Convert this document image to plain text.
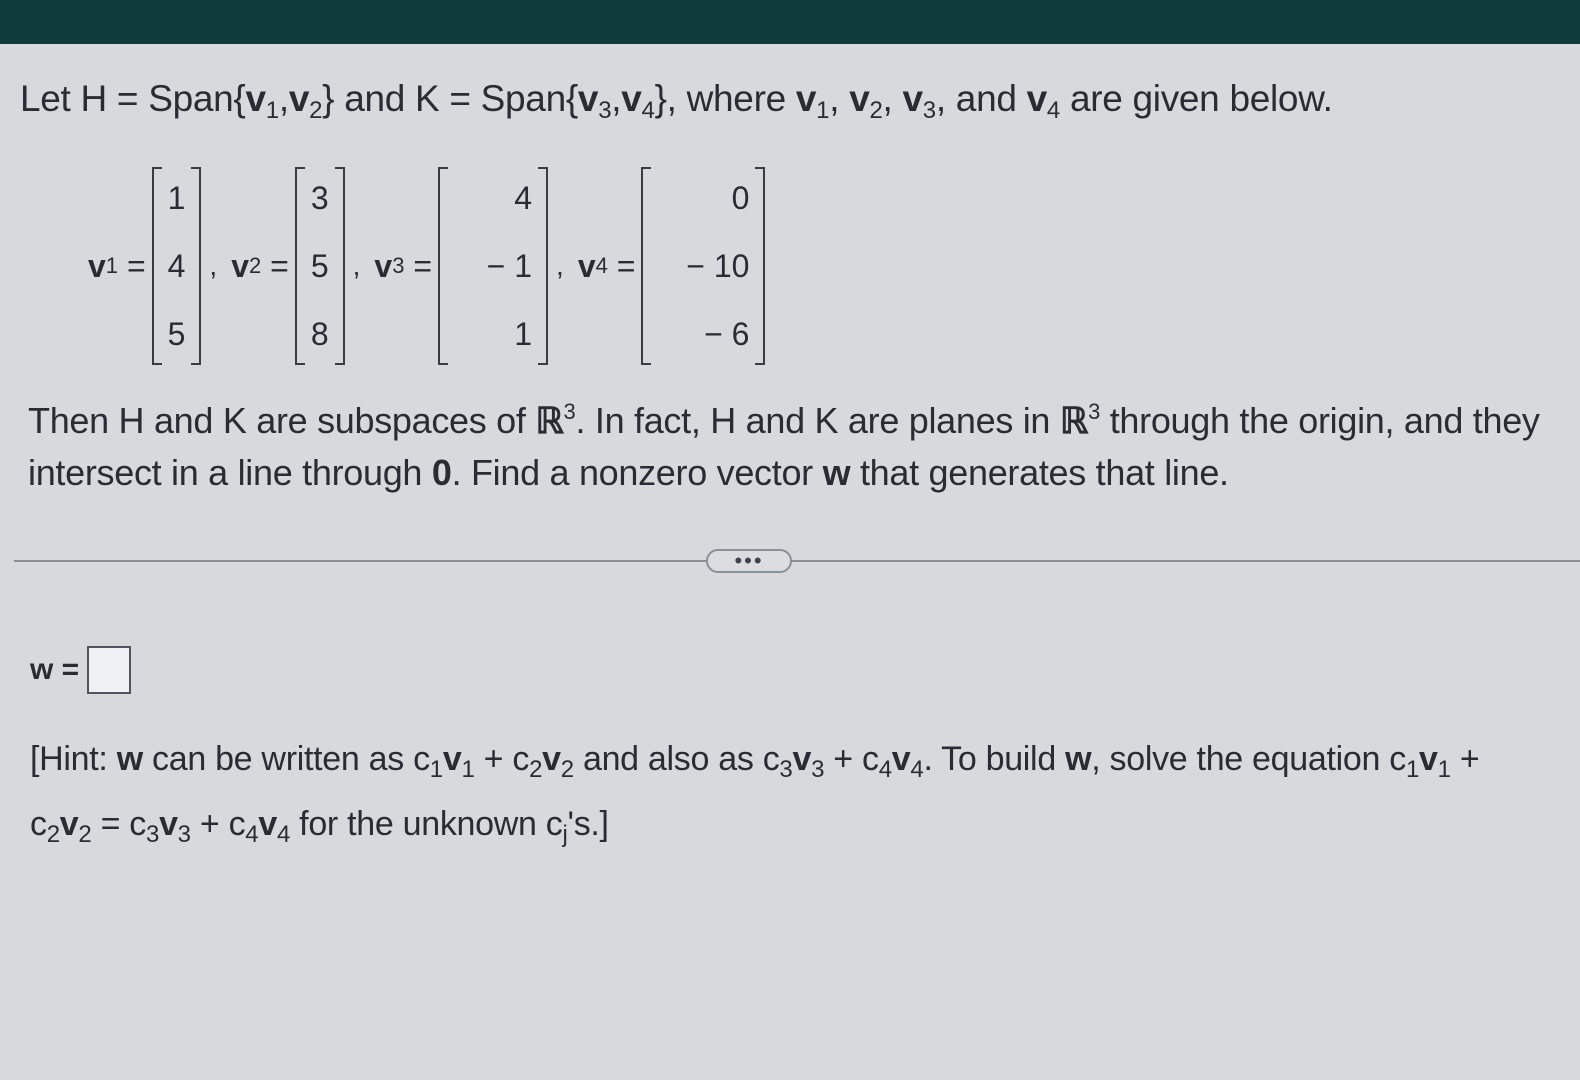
Let $H = Span\{v_1,v_2\}$ and $K = Span\{v_3,v_4\}$, where $v_1$, $v_2$, $v_3$, and $v_4$ are given below.
v 1
=
1
4
5
, v 2
=
3
5
8
, v 3
=
4
− 1
1
, v 4
=
0
− 10
− 6
Then H and K are subspaces of ℝ$^3$. In fact, H and K are planes in ℝ$^3$ through the origin, and they intersect in a line through 0. Find a nonzero vector w that generates that line.
•••
w =
[Hint: w can be written as $c_1v_1 + c_2v_2$ and also as $c_3v_3 + c_4v_4$. To build w, solve the equation $c_1v_1 + c_2v_2 = c_3v_3 + c_4v_4$ for the unknown $c_j's$.]
